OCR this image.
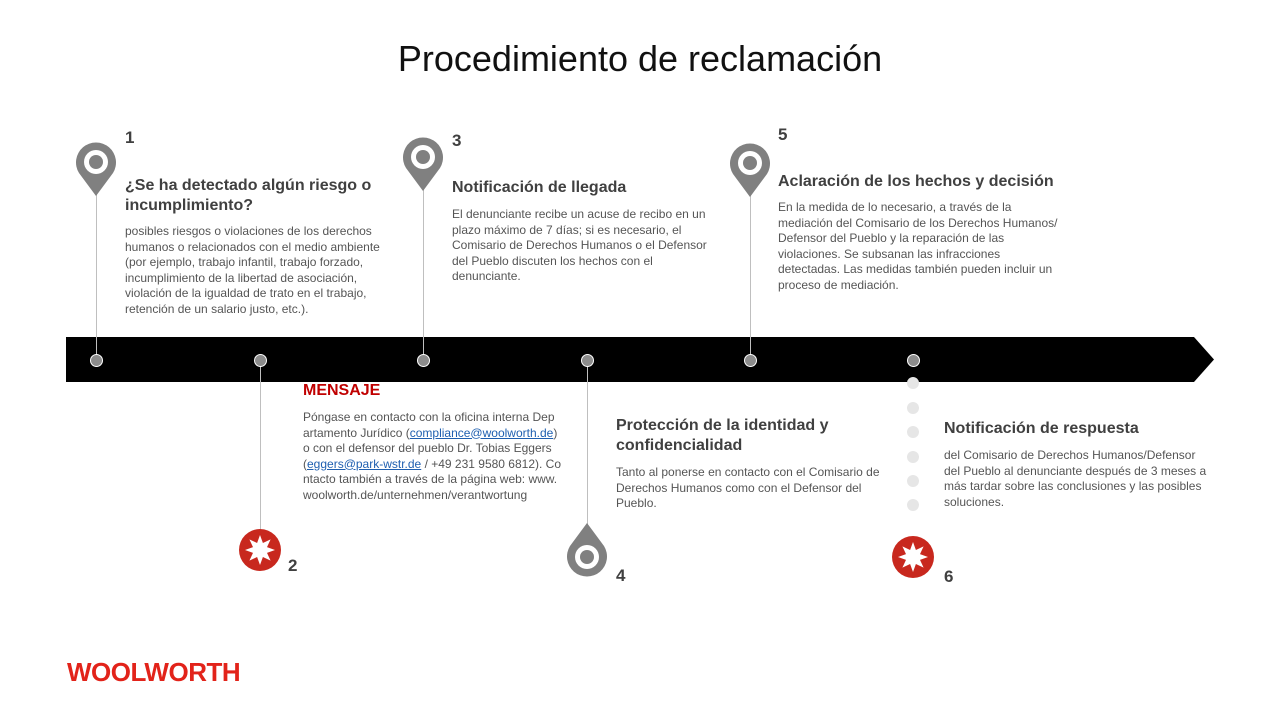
Procedimiento de reclamación
1
¿Se ha detectado algún riesgo o incumplimiento?
posibles riesgos o violaciones de los derechos humanos o relacionados con el medio ambiente (por ejemplo, trabajo infantil, trabajo forzado, incumplimiento de la libertad de asociación, violación de la igualdad de trato en el trabajo, retención de un salario justo, etc.).
MENSAJE
Póngase en contacto con la oficina interna Departamento Jurídico (compliance@woolworth.de) o con el defensor del pueblo Dr. Tobias Eggers (eggers@park-wstr.de / +49 231 9580 6812). Contacto también a través de la página web: www.woolworth.de/unternehmen/verantwortung
2
3
Notificación de llegada
El denunciante recibe un acuse de recibo en un plazo máximo de 7 días; si es necesario, el Comisario de Derechos Humanos o el Defensor del Pueblo discuten los hechos con el denunciante.
Protección de la identidad y confidencialidad
Tanto al ponerse en contacto con el Comisario de Derechos Humanos como con el Defensor del Pueblo.
4
5
Aclaración de los hechos y decisión
En la medida de lo necesario, a través de la mediación del Comisario de los Derechos Humanos/ Defensor del Pueblo y la reparación de las violaciones. Se subsanan las infracciones detectadas. Las medidas también pueden incluir un proceso de mediación.
Notificación de respuesta
del Comisario de Derechos Humanos/Defensor del Pueblo al denunciante después de 3 meses a más tardar sobre las conclusiones y las posibles soluciones.
6
WOOLWORTH
